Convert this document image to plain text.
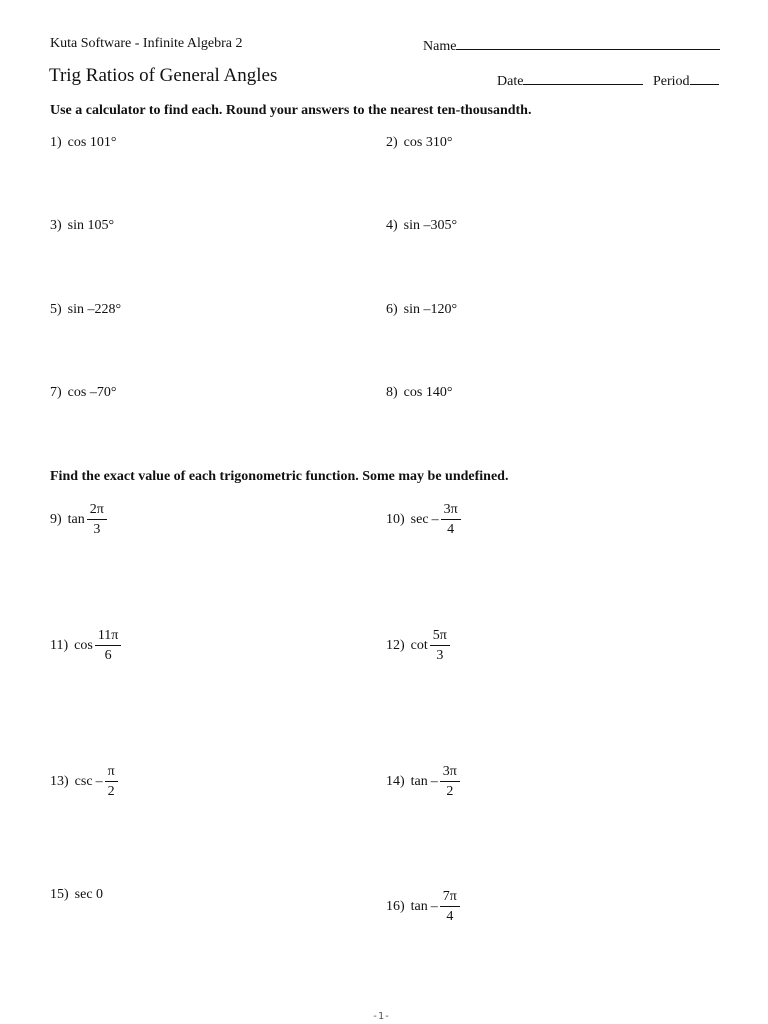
Kuta Software - Infinite Algebra 2	Name
Trig Ratios of General Angles	Date	Period
Use a calculator to find each. Round your answers to the nearest ten-thousandth.
1) cos 101°	2) cos 310°
3) sin 105°	4) sin –305°
5) sin –228°	6) sin –120°
7) cos –70°	8) cos 140°
Find the exact value of each trigonometric function. Some may be undefined.
9) $\tan \frac{2\pi}{3}$	10) sec – $\frac{3\pi}{4}$
11) $\cos \frac{11\pi}{6}$	12) $\cot \frac{5\pi}{3}$
13) csc – $\frac{\pi}{2}$	14) tan – $\frac{3\pi}{2}$
15) sec 0
16) tan – $\frac{7\pi}{4}$
-1-
